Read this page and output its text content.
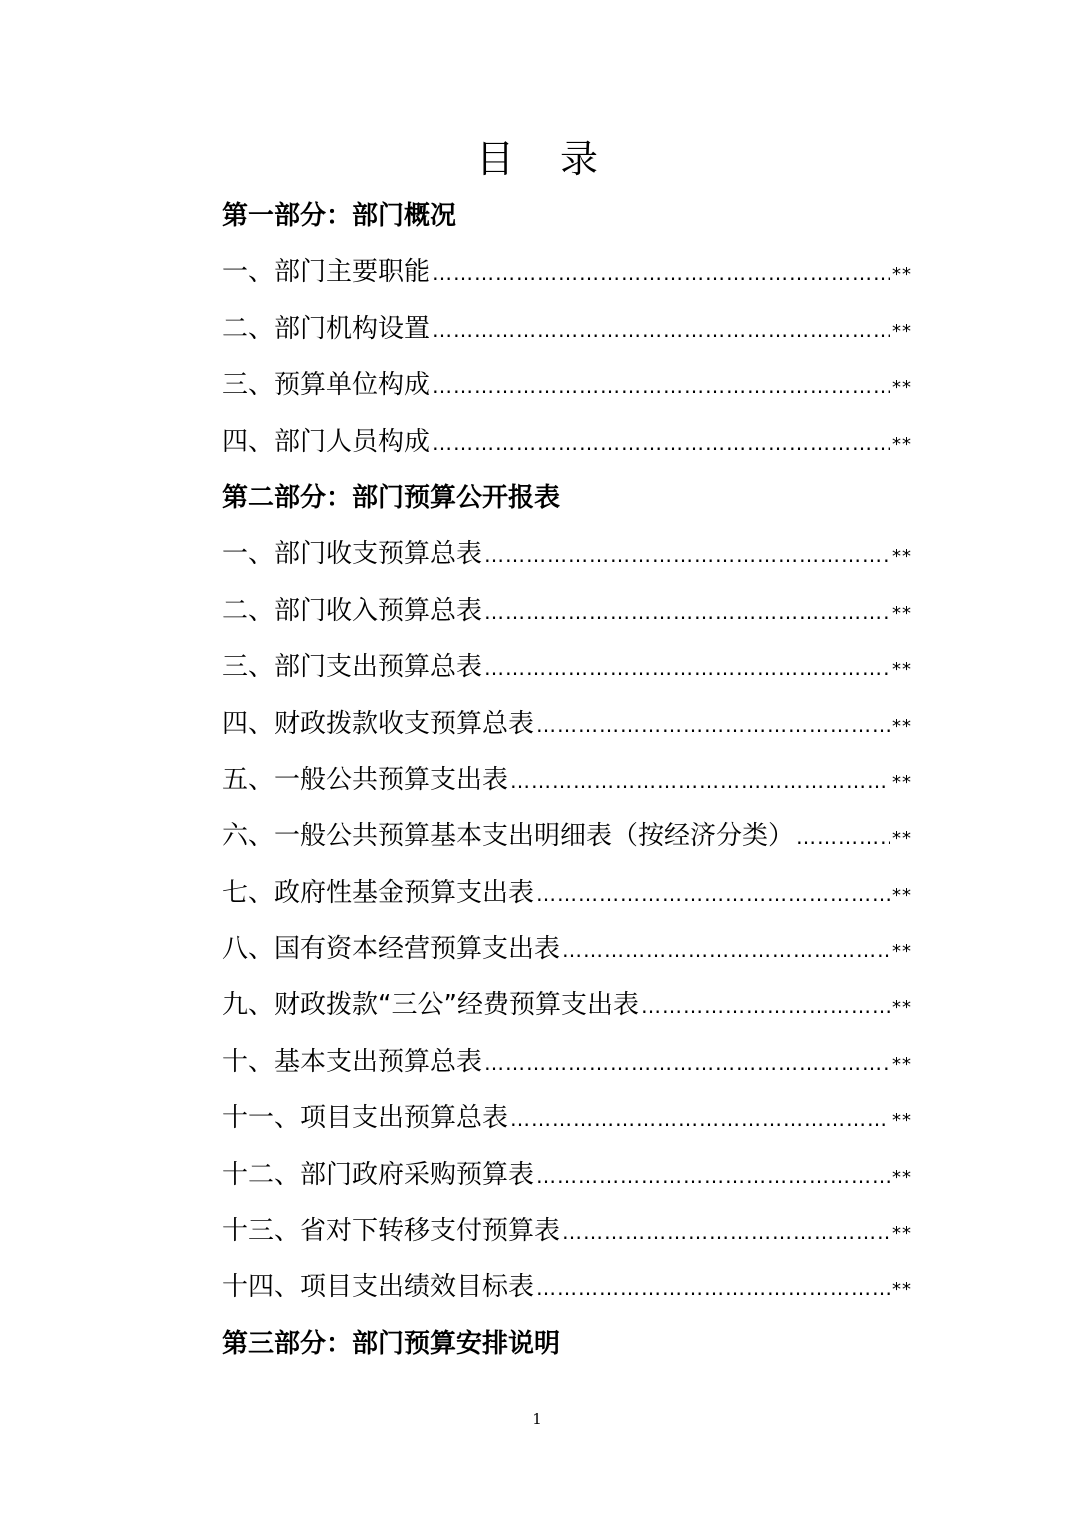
目录
第一部分：部门概况
一、部门主要职能 ……………………………………………………………………………………………………………………………………………………………	**
二、部门机构设置 ……………………………………………………………………………………………………………………………………………………………	**
三、预算单位构成 ……………………………………………………………………………………………………………………………………………………………	**
四、部门人员构成 ……………………………………………………………………………………………………………………………………………………………	**
第二部分：部门预算公开报表
一、部门收支预算总表 ……………………………………………………………………………………………………………………………………………………………	**
二、部门收入预算总表 ……………………………………………………………………………………………………………………………………………………………	**
三、部门支出预算总表 ……………………………………………………………………………………………………………………………………………………………	**
四、财政拨款收支预算总表 ……………………………………………………………………………………………………………………………………………………………	**
五、一般公共预算支出表 ……………………………………………………………………………………………………………………………………………………………	**
六、一般公共预算基本支出明细表（按经济分类） ……………………………………………………………………………………………………………………………………………………………	**
七、政府性基金预算支出表 ……………………………………………………………………………………………………………………………………………………………	**
八、国有资本经营预算支出表 ……………………………………………………………………………………………………………………………………………………………	**
九、财政拨款“三公”经费预算支出表 ……………………………………………………………………………………………………………………………………………………………	**
十、基本支出预算总表 ……………………………………………………………………………………………………………………………………………………………	**
十一、项目支出预算总表 ……………………………………………………………………………………………………………………………………………………………	**
十二、部门政府采购预算表 ……………………………………………………………………………………………………………………………………………………………	**
十三、省对下转移支付预算表 ……………………………………………………………………………………………………………………………………………………………	**
十四、项目支出绩效目标表 ……………………………………………………………………………………………………………………………………………………………	**
第三部分：部门预算安排说明
1
